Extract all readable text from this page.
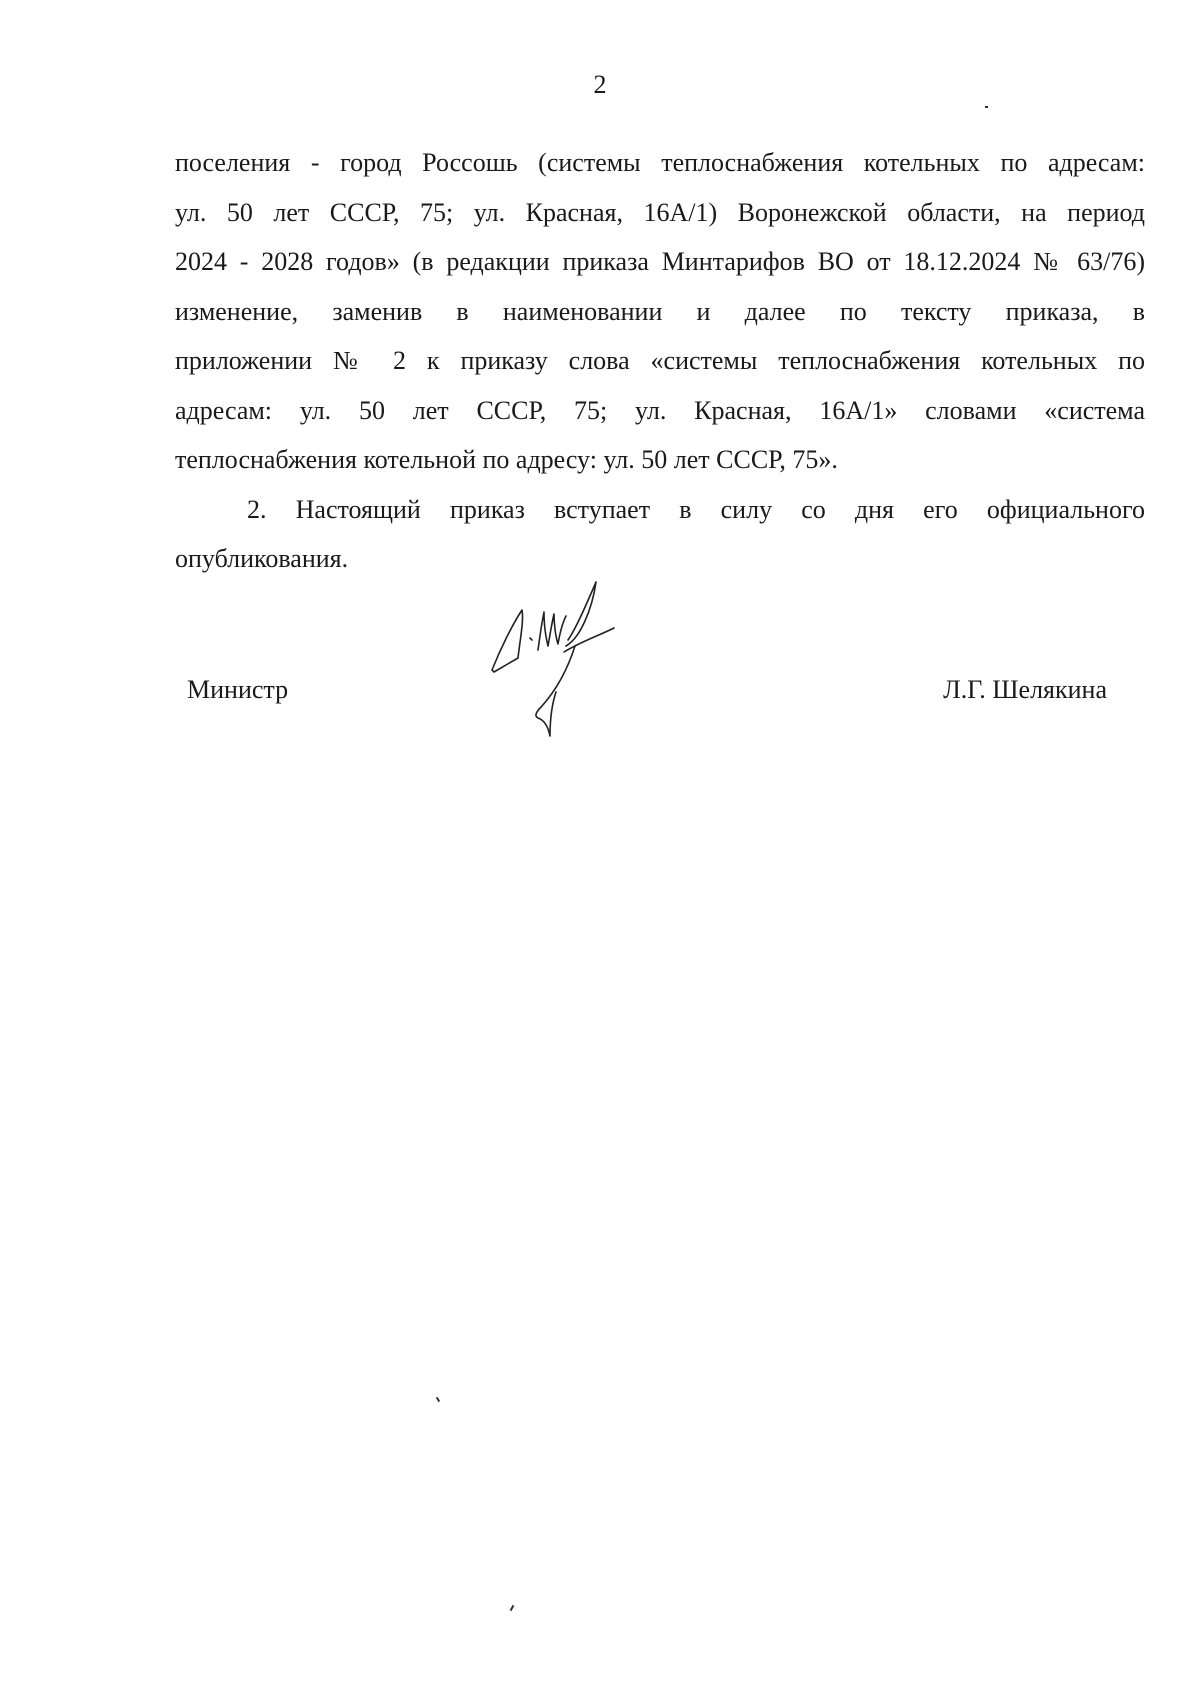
2

поселения - город Россошь (системы теплоснабжения котельных по адресам:
ул. 50 лет СССР, 75; ул. Красная, 16А/1) Воронежской области, на период
2024 - 2028 годов» (в редакции приказа Минтарифов ВО от 18.12.2024 № 63/76)
изменение, заменив в наименовании и далее по тексту приказа, в
приложении № 2 к приказу слова «системы теплоснабжения котельных по
адресам: ул. 50 лет СССР, 75; ул. Красная, 16А/1» словами «система
теплоснабжения котельной по адресу: ул. 50 лет СССР, 75».

2. Настоящий приказ вступает в силу со дня его официального
опубликования.

Министр	Л.Г. Шелякина
